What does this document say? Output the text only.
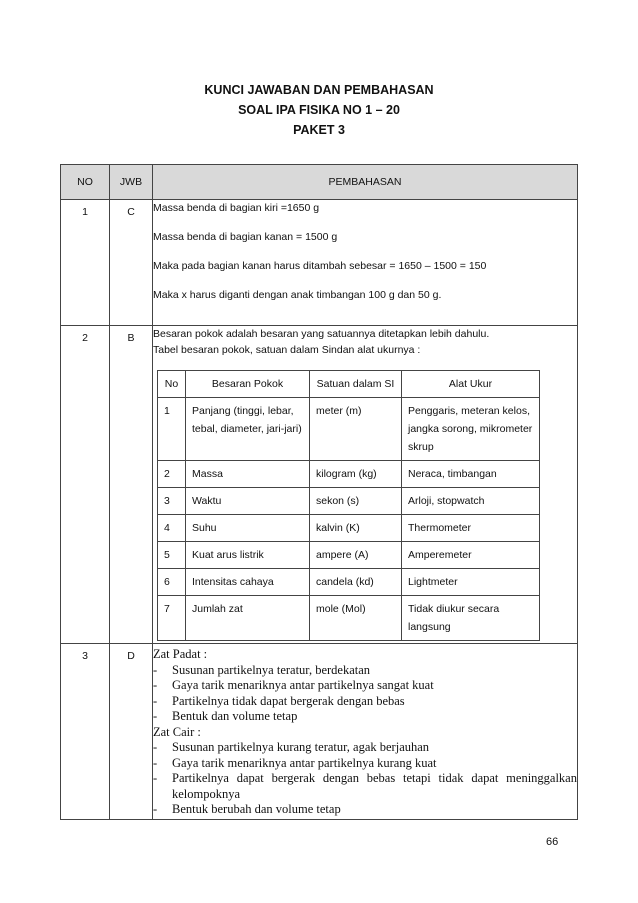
KUNCI JAWABAN DAN PEMBAHASAN
SOAL IPA FISIKA NO 1 – 20
PAKET 3
NO	JWB	PEMBAHASAN

1	C	Massa benda di bagian kiri =1650 g

Massa benda di bagian kanan = 1500 g

Maka pada bagian kanan harus ditambah sebesar = 1650 – 1500 = 150

Maka x harus diganti dengan anak timbangan 100 g dan 50 g.

2	B	Besaran pokok adalah besaran yang satuannya ditetapkan lebih dahulu.
Tabel besaran pokok, satuan dalam Sindan alat ukurnya :
No	Besaran Pokok	Satuan dalam SI	Alat Ukur
1	Panjang (tinggi, lebar, tebal, diameter, jari-jari)	meter (m)	Penggaris, meteran kelos, jangka sorong, mikrometer skrup
2	Massa	kilogram (kg)	Neraca, timbangan
3	Waktu	sekon (s)	Arloji, stopwatch
4	Suhu	kalvin (K)	Thermometer
5	Kuat arus listrik	ampere (A)	Amperemeter
6	Intensitas cahaya	candela (kd)	Lightmeter
7	Jumlah zat	mole (Mol)	Tidak diukur secara langsung

3	D	Zat Padat :
-	Susunan partikelnya teratur, berdekatan
-	Gaya tarik menariknya antar partikelnya sangat kuat
-	Partikelnya tidak dapat bergerak dengan bebas
-	Bentuk dan volume tetap
Zat Cair :
-	Susunan partikelnya kurang teratur, agak berjauhan
-	Gaya tarik menariknya antar partikelnya kurang kuat
-	Partikelnya dapat bergerak dengan bebas tetapi tidak dapat meninggalkan kelompoknya
-	Bentuk berubah dan volume tetap
66
